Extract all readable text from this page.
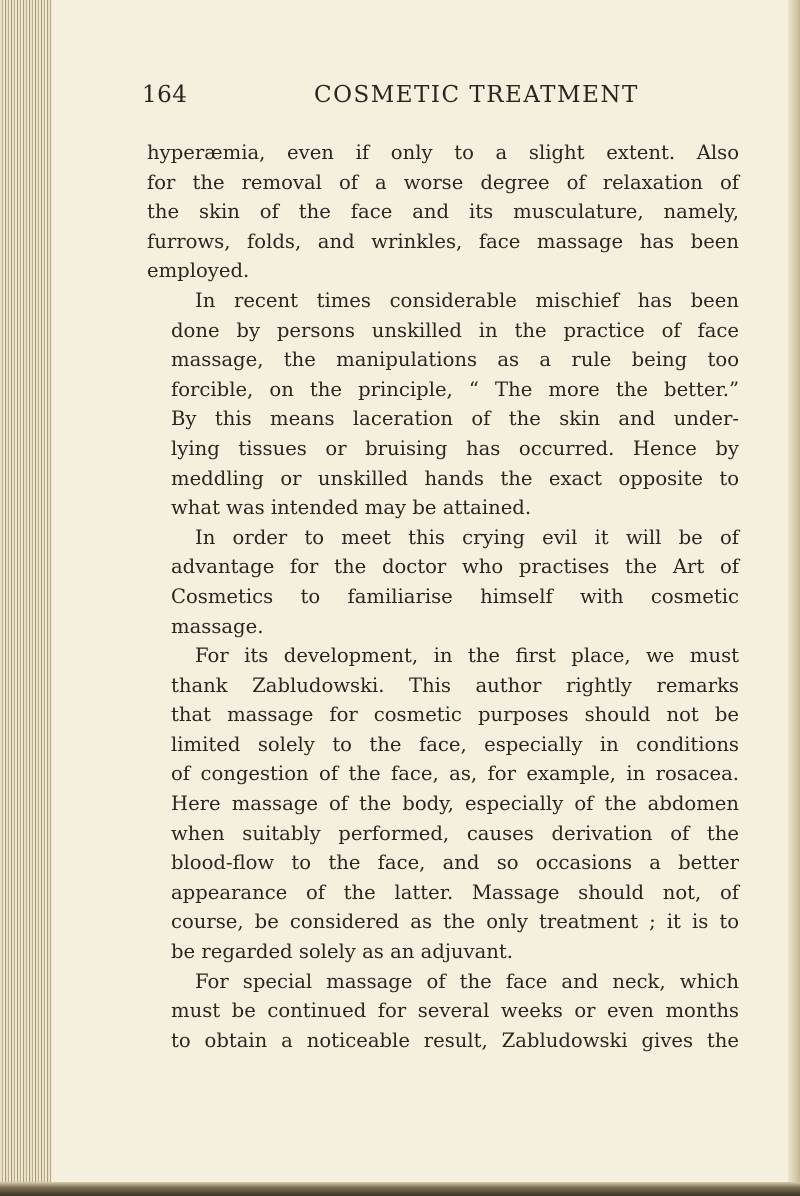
164	COSMETIC TREATMENT

hyperæmia, even if only to a slight extent. Also
for the removal of a worse degree of relaxation of
the skin of the face and its musculature, namely,
furrows, folds, and wrinkles, face massage has been
employed.

In recent times considerable mischief has been
done by persons unskilled in the practice of face
massage, the manipulations as a rule being too
forcible, on the principle, “ The more the better.”
By this means laceration of the skin and under-
lying tissues or bruising has occurred. Hence by
meddling or unskilled hands the exact opposite to
what was intended may be attained.

In order to meet this crying evil it will be of
advantage for the doctor who practises the Art of
Cosmetics to familiarise himself with cosmetic
massage.

For its development, in the first place, we must
thank Zabludowski. This author rightly remarks
that massage for cosmetic purposes should not be
limited solely to the face, especially in conditions
of congestion of the face, as, for example, in rosacea.
Here massage of the body, especially of the abdomen
when suitably performed, causes derivation of the
blood-flow to the face, and so occasions a better
appearance of the latter. Massage should not, of
course, be considered as the only treatment ; it is to
be regarded solely as an adjuvant.

For special massage of the face and neck, which
must be continued for several weeks or even months
to obtain a noticeable result, Zabludowski gives the
